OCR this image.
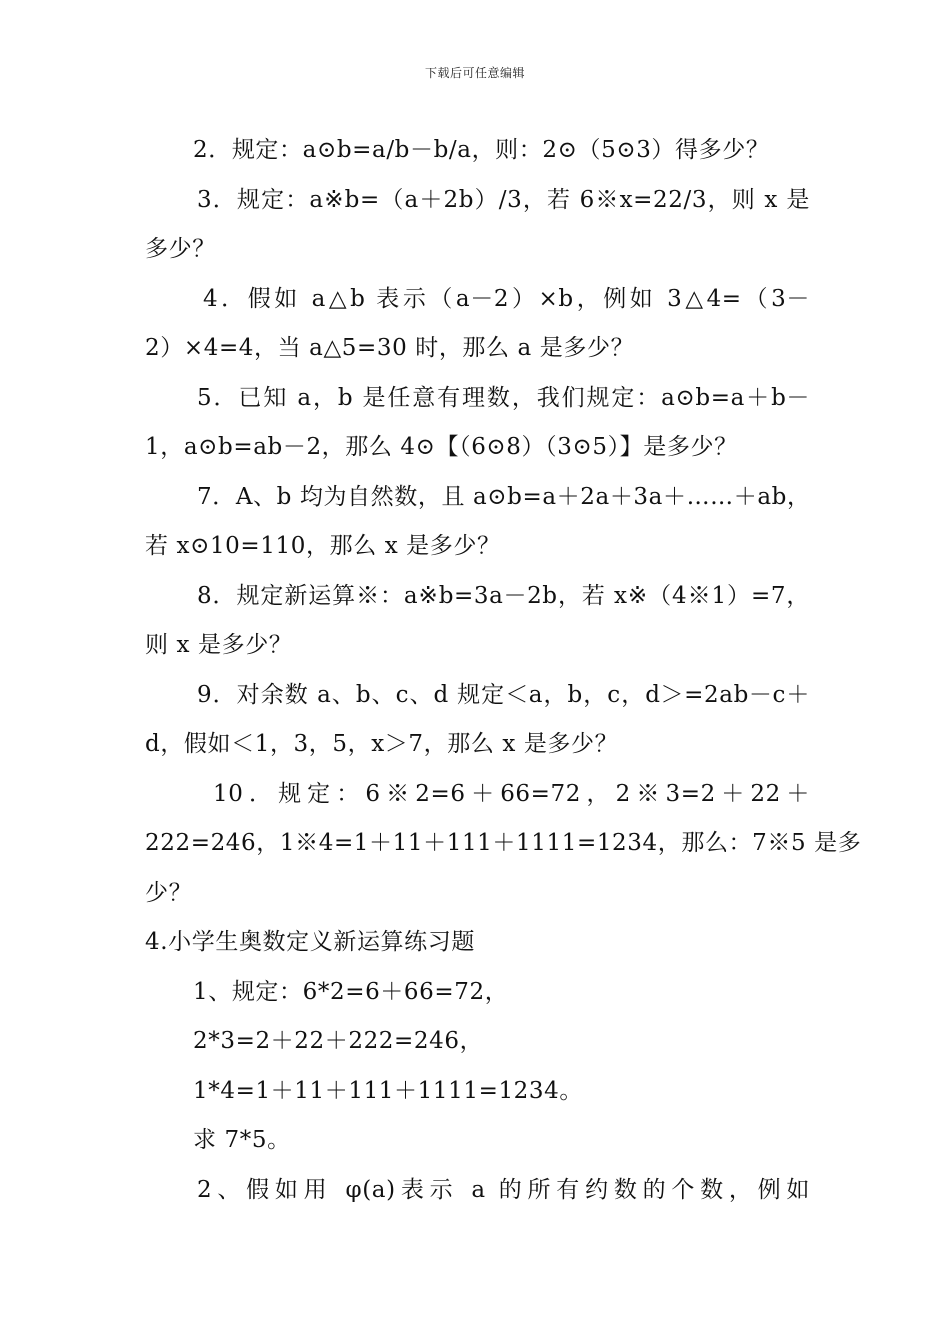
下载后可任意编辑
2．规定：a⊙b=a/b－b/a，则：2⊙（5⊙3）得多少？
3．规定：a※b=（a＋2b）/3，若 6※x=22/3，则 x 是
多少？
4．假如 a△b 表示（a－2）×b，例如 3△4=（3－
2）×4=4，当 a△5=30 时，那么 a 是多少？
5．已知 a，b 是任意有理数，我们规定：a⊙b=a＋b－
1，a⊙b=ab－2，那么 4⊙【（6⊙8）（3⊙5）】是多少？
7．A、b 均为自然数，且 a⊙b=a＋2a＋3a＋……＋ab，
若 x⊙10=110，那么 x 是多少？
8．规定新运算※：a※b=3a－2b，若 x※（4※1）=7，
则 x 是多少？
9．对余数 a、b、c、d 规定＜a，b，c，d＞=2ab－c＋
d，假如＜1，3，5，x＞7，那么 x 是多少？
10．规定：6※2=6＋66=72，2※3=2＋22＋
222=246，1※4=1＋11＋111＋1111=1234，那么：7※5 是多
少？
4.小学生奥数定义新运算练习题
1、规定：6*2=6＋66=72，
2*3=2＋22＋222=246，
1*4=1＋11＋111＋1111=1234。
求 7*5。
2、假如用 φ(a)表示 a 的所有约数的个数，例如
